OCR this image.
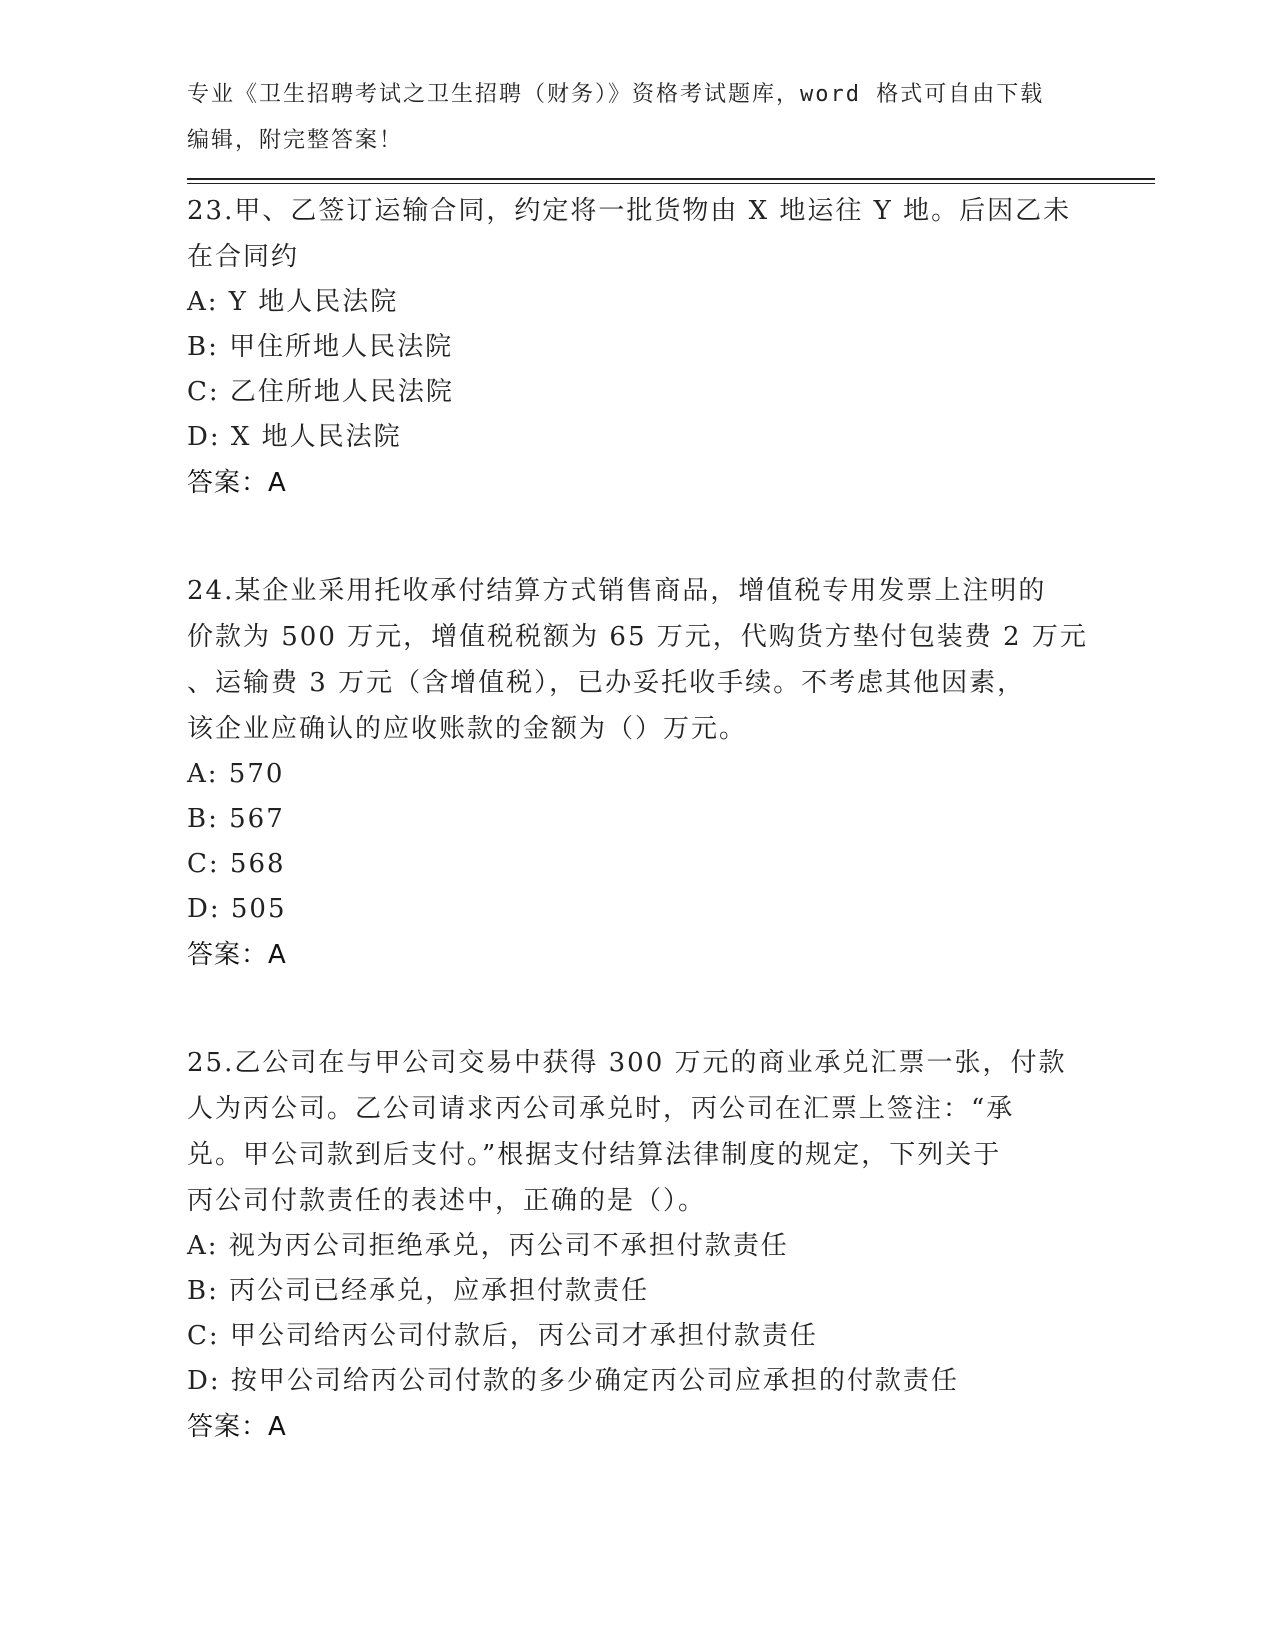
专业《卫生招聘考试之卫生招聘（财务）》资格考试题库，word 格式可自由下载
编辑，附完整答案！
23.甲、乙签订运输合同，约定将一批货物由 X 地运往 Y 地。后因乙未
在合同约
A: Y 地人民法院
B: 甲住所地人民法院
C: 乙住所地人民法院
D: X 地人民法院
答案：A
24.某企业采用托收承付结算方式销售商品，增值税专用发票上注明的
价款为 500 万元，增值税税额为 65 万元，代购货方垫付包装费 2 万元
、运输费 3 万元（含增值税），已办妥托收手续。不考虑其他因素，
该企业应确认的应收账款的金额为（）万元。
A: 570
B: 567
C: 568
D: 505
答案：A
25.乙公司在与甲公司交易中获得 300 万元的商业承兑汇票一张，付款
人为丙公司。乙公司请求丙公司承兑时，丙公司在汇票上签注：“承
兑。甲公司款到后支付。”根据支付结算法律制度的规定，下列关于
丙公司付款责任的表述中，正确的是（）。
A: 视为丙公司拒绝承兑，丙公司不承担付款责任
B: 丙公司已经承兑，应承担付款责任
C: 甲公司给丙公司付款后，丙公司才承担付款责任
D: 按甲公司给丙公司付款的多少确定丙公司应承担的付款责任
答案：A
